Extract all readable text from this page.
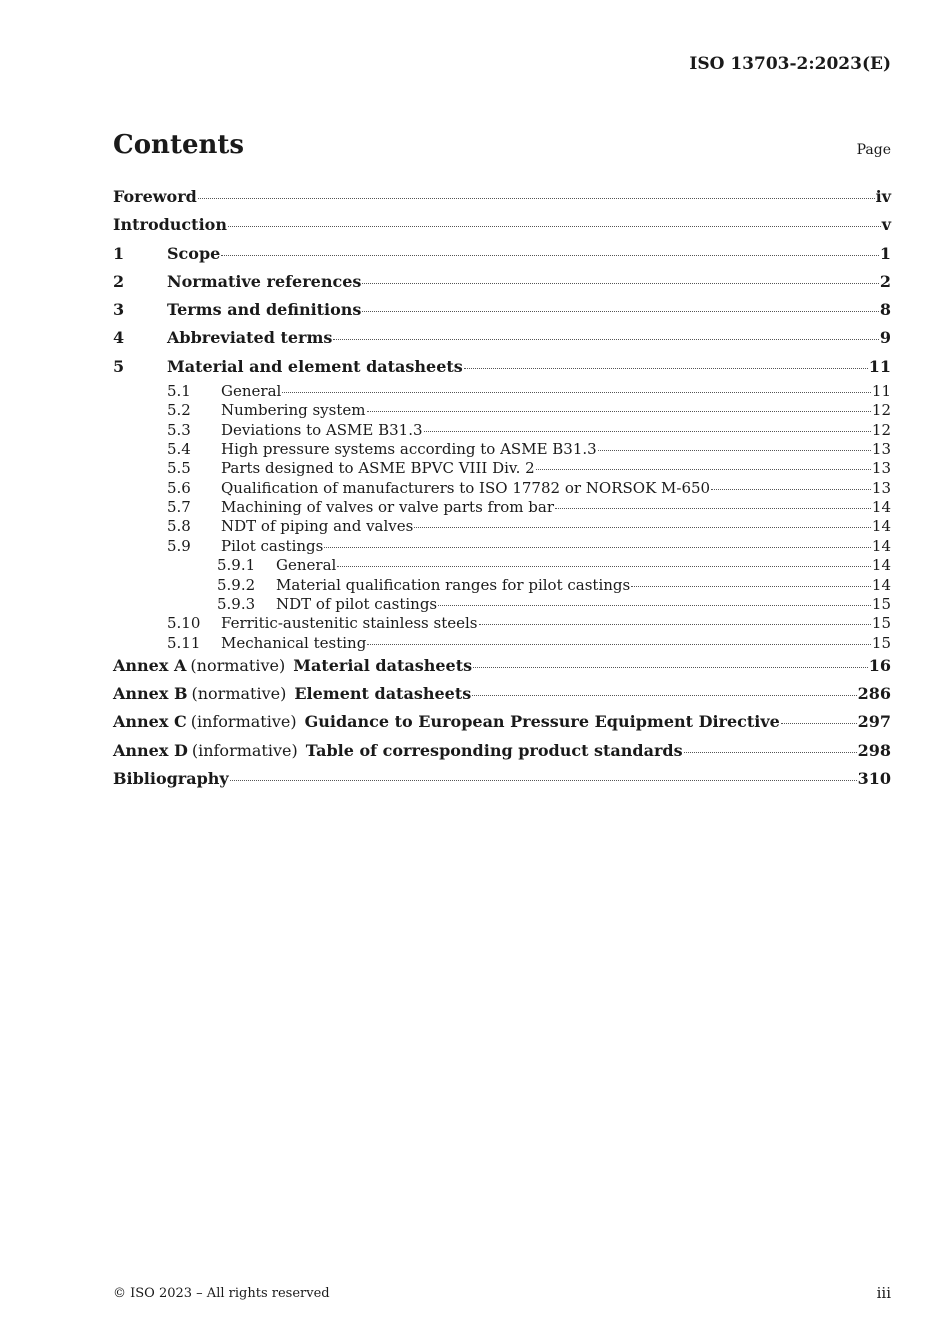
ISO 13703-2:2023(E)
Contents	Page
Foreword	iv
Introduction	v
1	Scope	1
2	Normative references	2
3	Terms and definitions	8
4	Abbreviated terms	9
5	Material and element datasheets	11
5.1	General	11
5.2	Numbering system	12
5.3	Deviations to ASME B31.3	12
5.4	High pressure systems according to ASME B31.3	13
5.5	Parts designed to ASME BPVC VIII Div. 2	13
5.6	Qualification of manufacturers to ISO 17782 or NORSOK M-650	13
5.7	Machining of valves or valve parts from bar	14
5.8	NDT of piping and valves	14
5.9	Pilot castings	14
5.9.1	General	14
5.9.2	Material qualification ranges for pilot castings	14
5.9.3	NDT of pilot castings	15
5.10	Ferritic-austenitic stainless steels	15
5.11	Mechanical testing	15
Annex A (normative) Material datasheets	16
Annex B (normative) Element datasheets	286
Annex C (informative) Guidance to European Pressure Equipment Directive	297
Annex D (informative) Table of corresponding product standards	298
Bibliography	310
© ISO 2023 – All rights reserved	iii
